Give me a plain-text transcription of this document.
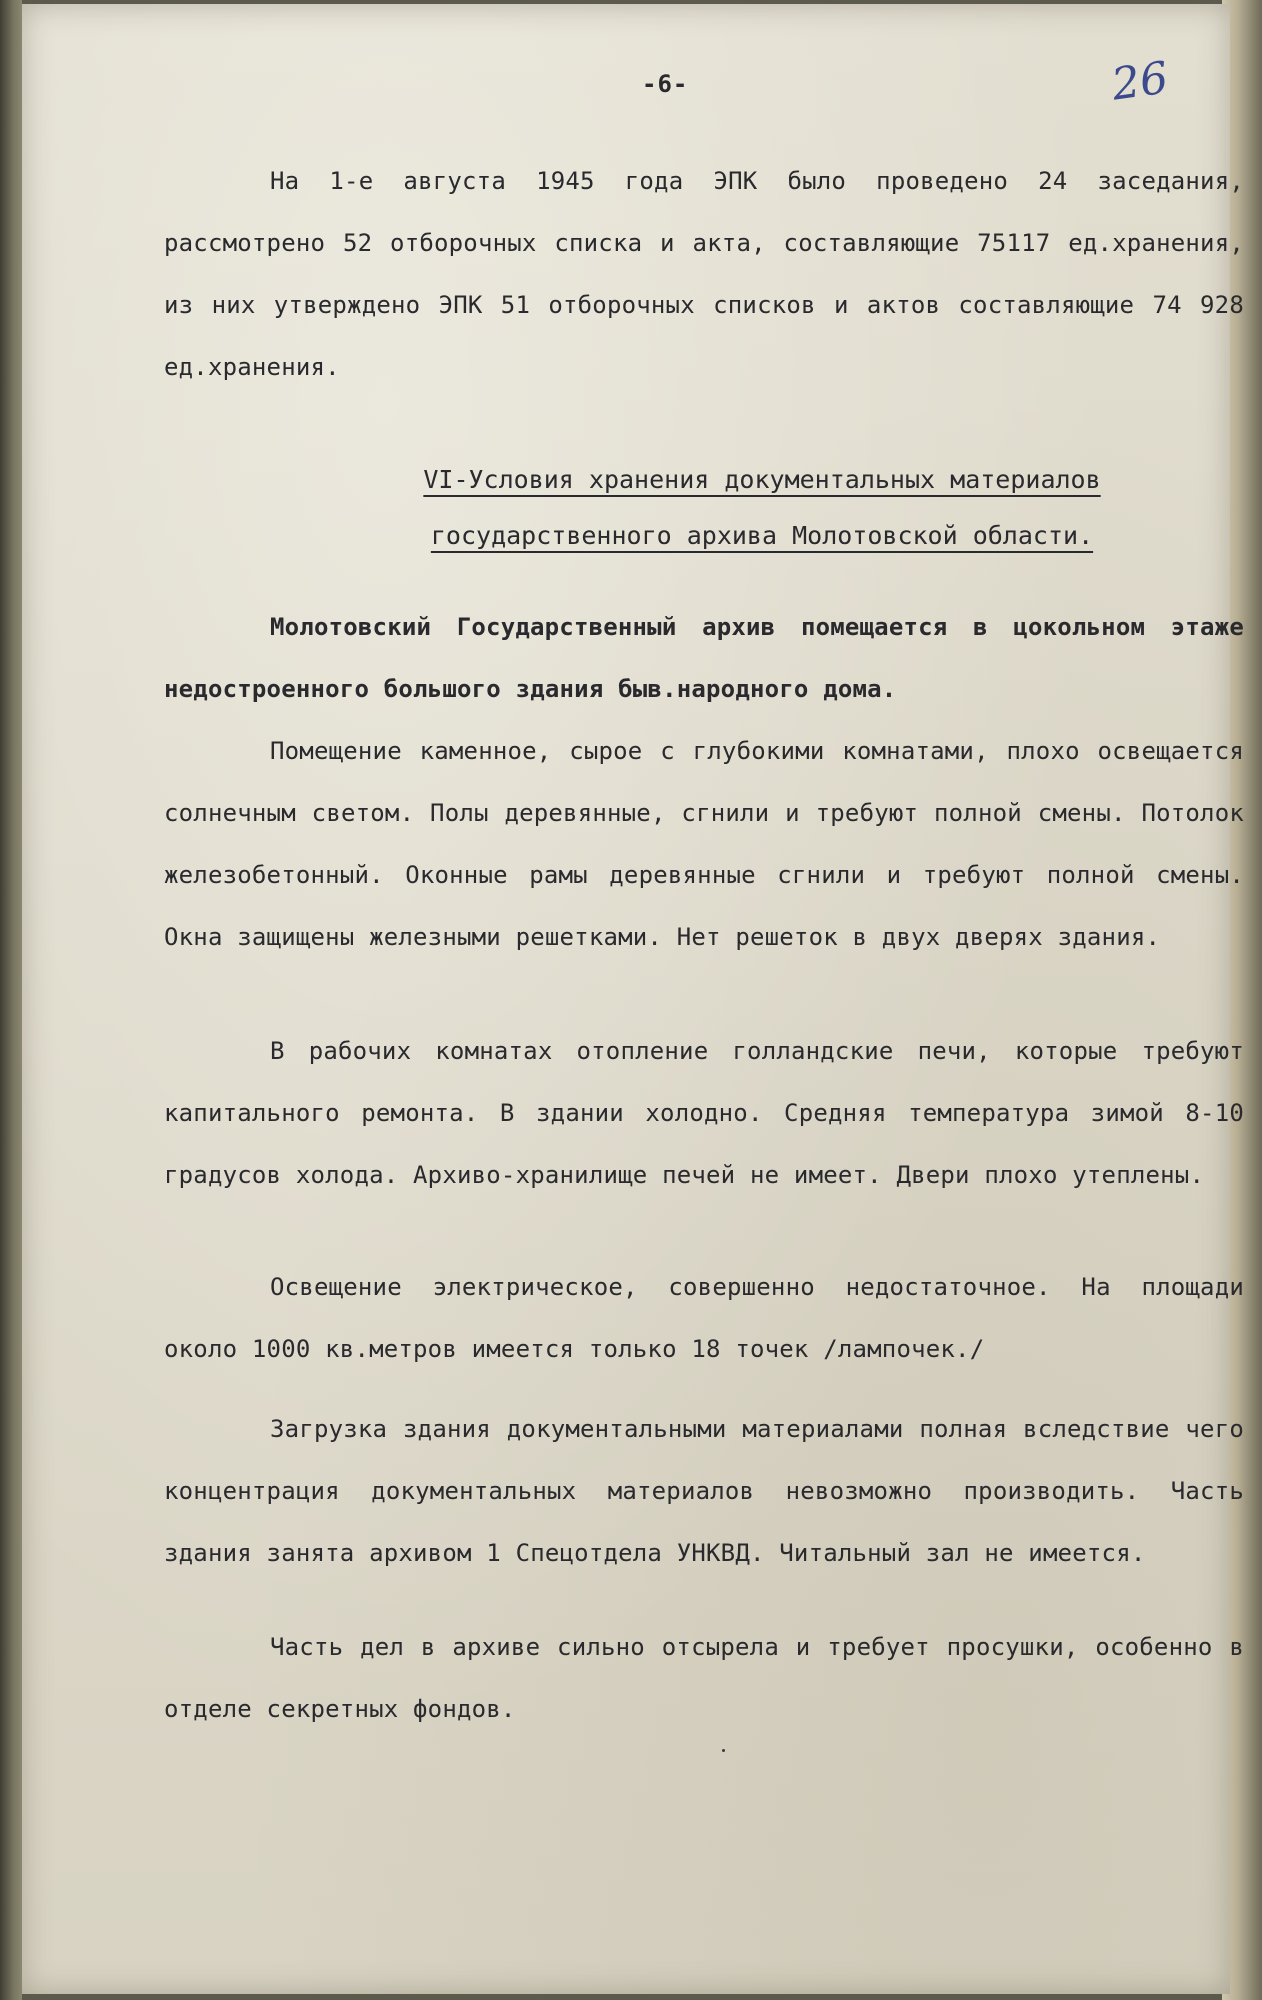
-6-	26
На 1-е августа 1945 года ЭПК было проведено 24 заседания, рассмотрено 52 отборочных списка и акта, составляющие 75117 ед.хранения, из них утверждено ЭПК 51 отборочных списков и актов составляющие 74 928 ед.хранения.
VI-Условия хранения документальных материалов
государственного архива Молотовской области.
Молотовский Государственный архив помещается в цокольном этаже недостроенного большого здания быв.народного дома.
Помещение каменное, сырое с глубокими комнатами, плохо освещается солнечным светом. Полы деревянные, сгнили и требуют полной смены. Потолок железобетонный. Оконные рамы деревянные сгнили и требуют полной смены. Окна защищены железными решетками. Нет решеток в двух дверях здания.
В рабочих комнатах отопление голландские печи, которые требуют капитального ремонта. В здании холодно. Средняя температура зимой 8-10 градусов холода. Архиво-хранилище печей не имеет. Двери плохо утеплены.
Освещение электрическое, совершенно недостаточное. На площади около 1000 кв.метров имеется только 18 точек /лампочек./
Загрузка здания документальными материалами полная вследствие чего концентрация документальных материалов невозможно производить. Часть здания занята архивом 1 Спецотдела УНКВД. Читальный зал не имеется.
Часть дел в архиве сильно отсырела и требует просушки, особенно в отделе секретных фондов.
